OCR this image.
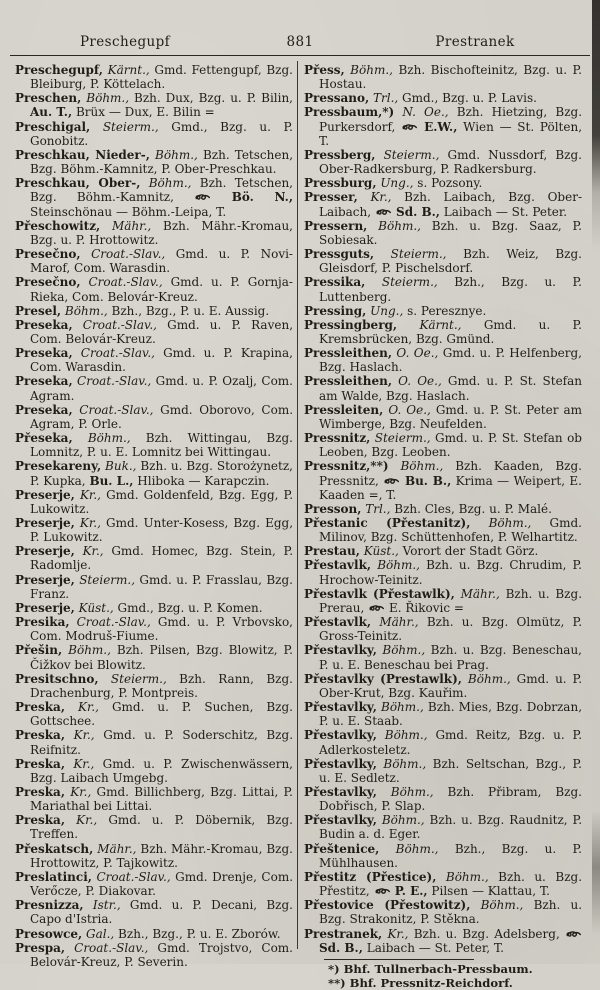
Preschegupf	881	Prestranek

Preschegupf, Kärnt., Gmd. Fettengupf, Bzg. Bleiburg, P. Köttelach.

Preschen, Böhm., Bzh. Dux, Bzg. u. P. Bilin, Au. T., Brüx — Dux, E. Bilin =

Preschigal, Steierm., Gmd., Bzg. u. P. Gonobitz.

Preschkau, Nieder-, Böhm., Bzh. Tetschen, Bzg. Böhm.-Kamnitz, P. Ober-Preschkau.

Preschkau, Ober-, Böhm., Bzh. Tetschen, Bzg. Böhm.-Kamnitz,
Bö. N., Steinschönau — Böhm.-Leipa, T.

Přeschowitz, Mähr., Bzh. Mähr.-Kromau, Bzg. u. P. Hrottowitz.

Presečno, Croat.-Slav., Gmd. u. P. Novi-Marof, Com. Warasdin.

Presečno, Croat.-Slav., Gmd. u. P. Gornja-Rieka, Com. Belovár-Kreuz.

Presel, Böhm., Bzh., Bzg., P. u. E. Aussig.

Preseka, Croat.-Slav., Gmd. u. P. Raven, Com. Belovár-Kreuz.

Preseka, Croat.-Slav., Gmd. u. P. Krapina, Com. Warasdin.

Preseka, Croat.-Slav., Gmd. u. P. Ozalj, Com. Agram.

Preseka, Croat.-Slav., Gmd. Oborovo, Com. Agram, P. Orle.

Přeseka, Böhm., Bzh. Wittingau, Bzg. Lomnitz, P. u. E. Lomnitz bei Wittingau.

Presekareny, Buk., Bzh. u. Bzg. Storożynetz, P. Kupka, Bu. L., Hliboka — Karapczin.

Preserje, Kr., Gmd. Goldenfeld, Bzg. Egg, P. Lukowitz.

Preserje, Kr., Gmd. Unter-Kosess, Bzg. Egg, P. Lukowitz.

Preserje, Kr., Gmd. Homec, Bzg. Stein, P. Radomlje.

Preserje, Steierm., Gmd. u. P. Frasslau, Bzg. Franz.

Preserje, Küst., Gmd., Bzg. u. P. Komen.

Presika, Croat.-Slav., Gmd. u. P. Vrbovsko, Com. Modruš-Fiume.

Přešin, Böhm., Bzh. Pilsen, Bzg. Blowitz, P. Čižkov bei Blowitz.

Presitschno, Steierm., Bzh. Rann, Bzg. Drachenburg, P. Montpreis.

Preska, Kr., Gmd. u. P. Suchen, Bzg. Gottschee.

Preska, Kr., Gmd. u. P. Soderschitz, Bzg. Reifnitz.

Preska, Kr., Gmd. u. P. Zwischenwässern, Bzg. Laibach Umgebg.

Preska, Kr., Gmd. Billichberg, Bzg. Littai, P. Mariathal bei Littai.

Preska, Kr., Gmd. u. P. Döbernik, Bzg. Treffen.

Přeskatsch, Mähr., Bzh. Mähr.-Kromau, Bzg. Hrottowitz, P. Tajkowitz.

Preslatinci, Croat.-Slav., Gmd. Drenje, Com. Verőcze, P. Diakovar.

Presnizza, Istr., Gmd. u. P. Decani, Bzg. Capo d'Istria.

Presowce, Gal., Bzh., Bzg., P. u. E. Zborów.

Prespa, Croat.-Slav., Gmd. Trojstvo, Com. Belovár-Kreuz, P. Severin.

Přess, Böhm., Bzh. Bischofteinitz, Bzg. u. P. Hostau.

Pressano, Trl., Gmd., Bzg. u. P. Lavis.

Pressbaum,*) N. Oe., Bzh. Hietzing, Bzg. Purkersdorf,
E.W., Wien — St. Pölten, T.

Pressberg, Steierm., Gmd. Nussdorf, Bzg. Ober-Radkersburg, P. Radkersburg.

Pressburg, Ung., s. Pozsony.

Presser, Kr., Bzh. Laibach, Bzg. Ober-Laibach,
Sd. B., Laibach — St. Peter.

Pressern, Böhm., Bzh. u. Bzg. Saaz, P. Sobiesak.

Pressguts, Steierm., Bzh. Weiz, Bzg. Gleisdorf, P. Pischelsdorf.

Pressika, Steierm., Bzh., Bzg. u. P. Luttenberg.

Pressing, Ung., s. Peresznye.

Pressingberg, Kärnt., Gmd. u. P. Kremsbrücken, Bzg. Gmünd.

Pressleithen, O. Oe., Gmd. u. P. Helfenberg, Bzg. Haslach.

Pressleithen, O. Oe., Gmd. u. P. St. Stefan am Walde, Bzg. Haslach.

Pressleiten, O. Oe., Gmd. u. P. St. Peter am Wimberge, Bzg. Neufelden.

Pressnitz, Steierm., Gmd. u. P. St. Stefan ob Leoben, Bzg. Leoben.

Pressnitz,**) Böhm., Bzh. Kaaden, Bzg. Pressnitz,
Bu. B., Krima — Weipert, E. Kaaden =, T.

Presson, Trl., Bzh. Cles, Bzg. u. P. Malé.

Přestanic (Přestanitz), Böhm., Gmd. Milinov, Bzg. Schüttenhofen, P. Welhartitz.

Prestau, Küst., Vorort der Stadt Görz.

Přestavlk, Böhm., Bzh. u. Bzg. Chrudim, P. Hrochow-Teinitz.

Přestavlk (Přestawlk), Mähr., Bzh. u. Bzg. Prerau,
E. Řikovic =

Přestavlk, Mähr., Bzh. u. Bzg. Olmütz, P. Gross-Teinitz.

Přestavlky, Böhm., Bzh. u. Bzg. Beneschau, P. u. E. Beneschau bei Prag.

Přestavlky (Prestawlk), Böhm., Gmd. u. P. Ober-Krut, Bzg. Kauřim.

Přestavlky, Böhm., Bzh. Mies, Bzg. Dobrzan, P. u. E. Staab.

Přestavlky, Böhm., Gmd. Reitz, Bzg. u. P. Adlerkosteletz.

Přestavlky, Böhm., Bzh. Seltschan, Bzg., P. u. E. Sedletz.

Přestavlky, Böhm., Bzh. Přibram, Bzg. Dobřisch, P. Slap.

Přestavlky, Böhm., Bzh. u. Bzg. Raudnitz, P. Budin a. d. Eger.

Přeštenice, Böhm., Bzh., Bzg. u. P. Mühlhausen.

Přestitz (Přestice), Böhm., Bzh. u. Bzg. Přestitz,
P. E., Pilsen — Klattau, T.

Přestovice (Přestowitz), Böhm., Bzh. u. Bzg. Strakonitz, P. Stěkna.

Prestranek, Kr., Bzh. u. Bzg. Adelsberg,
Sd. B., Laibach — St. Peter, T.

*) Bhf. Tullnerbach-Pressbaum.

**) Bhf. Pressnitz-Reichdorf.
